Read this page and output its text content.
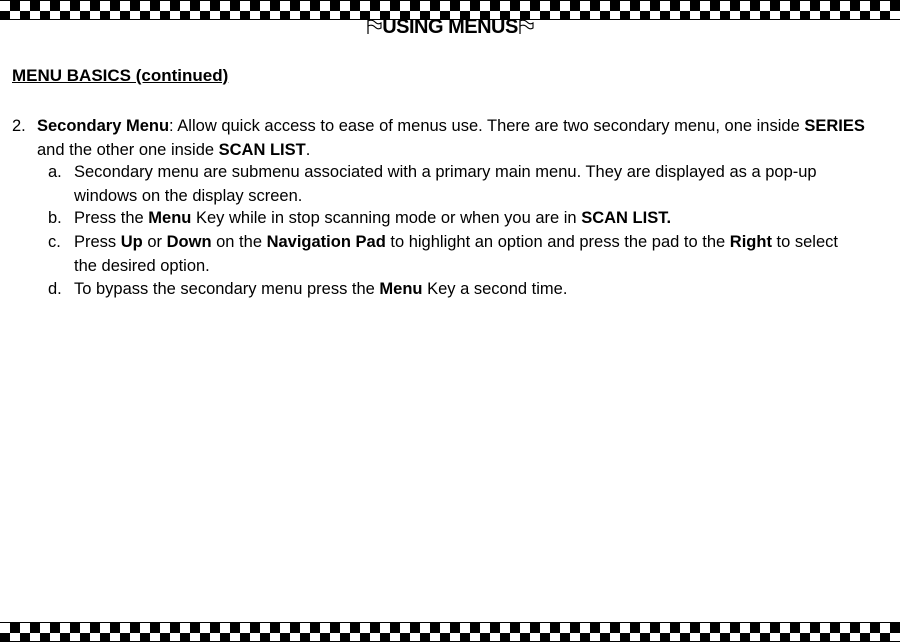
USING MENUS
MENU BASICS (continued)
2. Secondary Menu: Allow quick access to ease of menus use. There are two secondary menu, one inside SERIES and the other one inside SCAN LIST.
a. Secondary menu are submenu associated with a primary main menu. They are displayed as a pop-up windows on the display screen.
b. Press the Menu Key while in stop scanning mode or when you are in SCAN LIST.
c. Press Up or Down on the Navigation Pad to highlight an option and press the pad to the Right to select the desired option.
d. To bypass the secondary menu press the Menu Key a second time.
